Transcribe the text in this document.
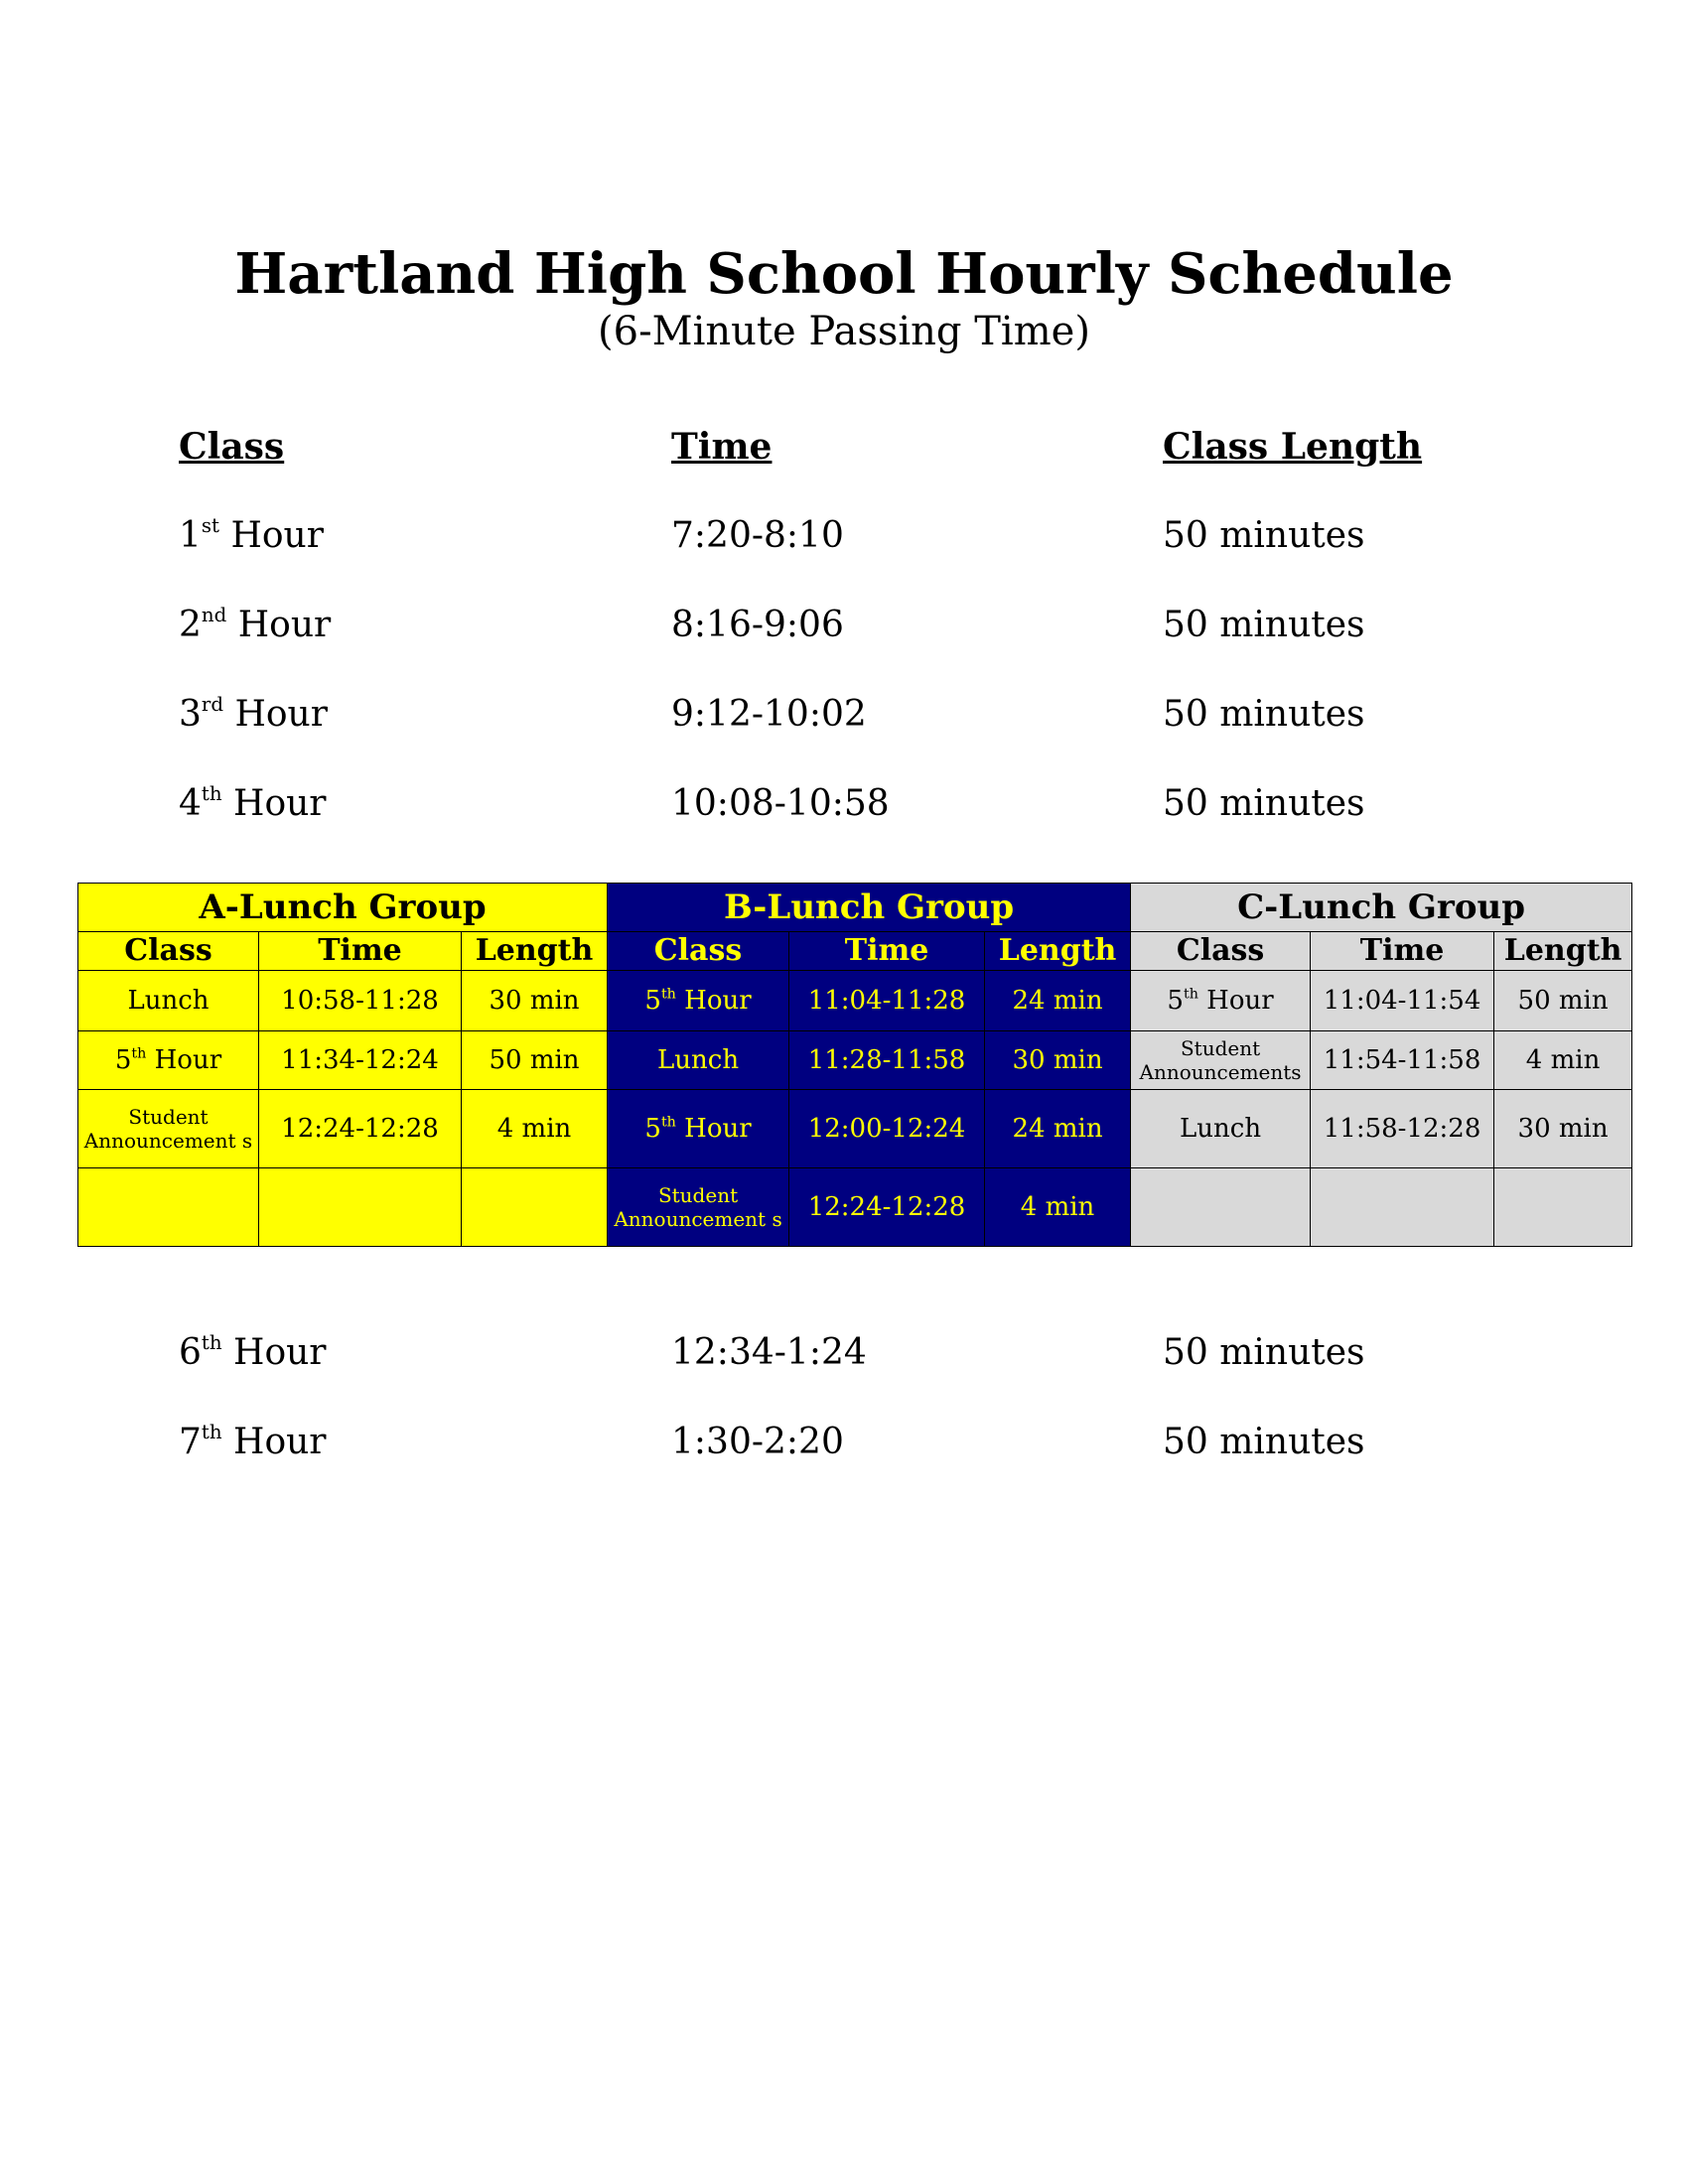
Hartland High School Hourly Schedule
(6-Minute Passing Time)
Class	Time	Class Length
1st Hour	7:20-8:10	50 minutes
2nd Hour	8:16-9:06	50 minutes
3rd Hour	9:12-10:02	50 minutes
4th Hour	10:08-10:58	50 minutes
A-Lunch Group			B-Lunch Group			C-Lunch Group		
Class	Time	Length	Class	Time	Length	Class	Time	Length
Lunch	10:58-11:28	30 min	5th Hour	11:04-11:28	24 min	5th Hour	11:04-11:54	50 min
5th Hour	11:34-12:24	50 min	Lunch	11:28-11:58	30 min	Student Announcements	11:54-11:58	4 min
Student Announcement s	12:24-12:28	4 min	5th Hour	12:00-12:24	24 min	Lunch	11:58-12:28	30 min
			Student Announcement s	12:24-12:28	4 min			
6th Hour	12:34-1:24	50 minutes
7th Hour	1:30-2:20	50 minutes
